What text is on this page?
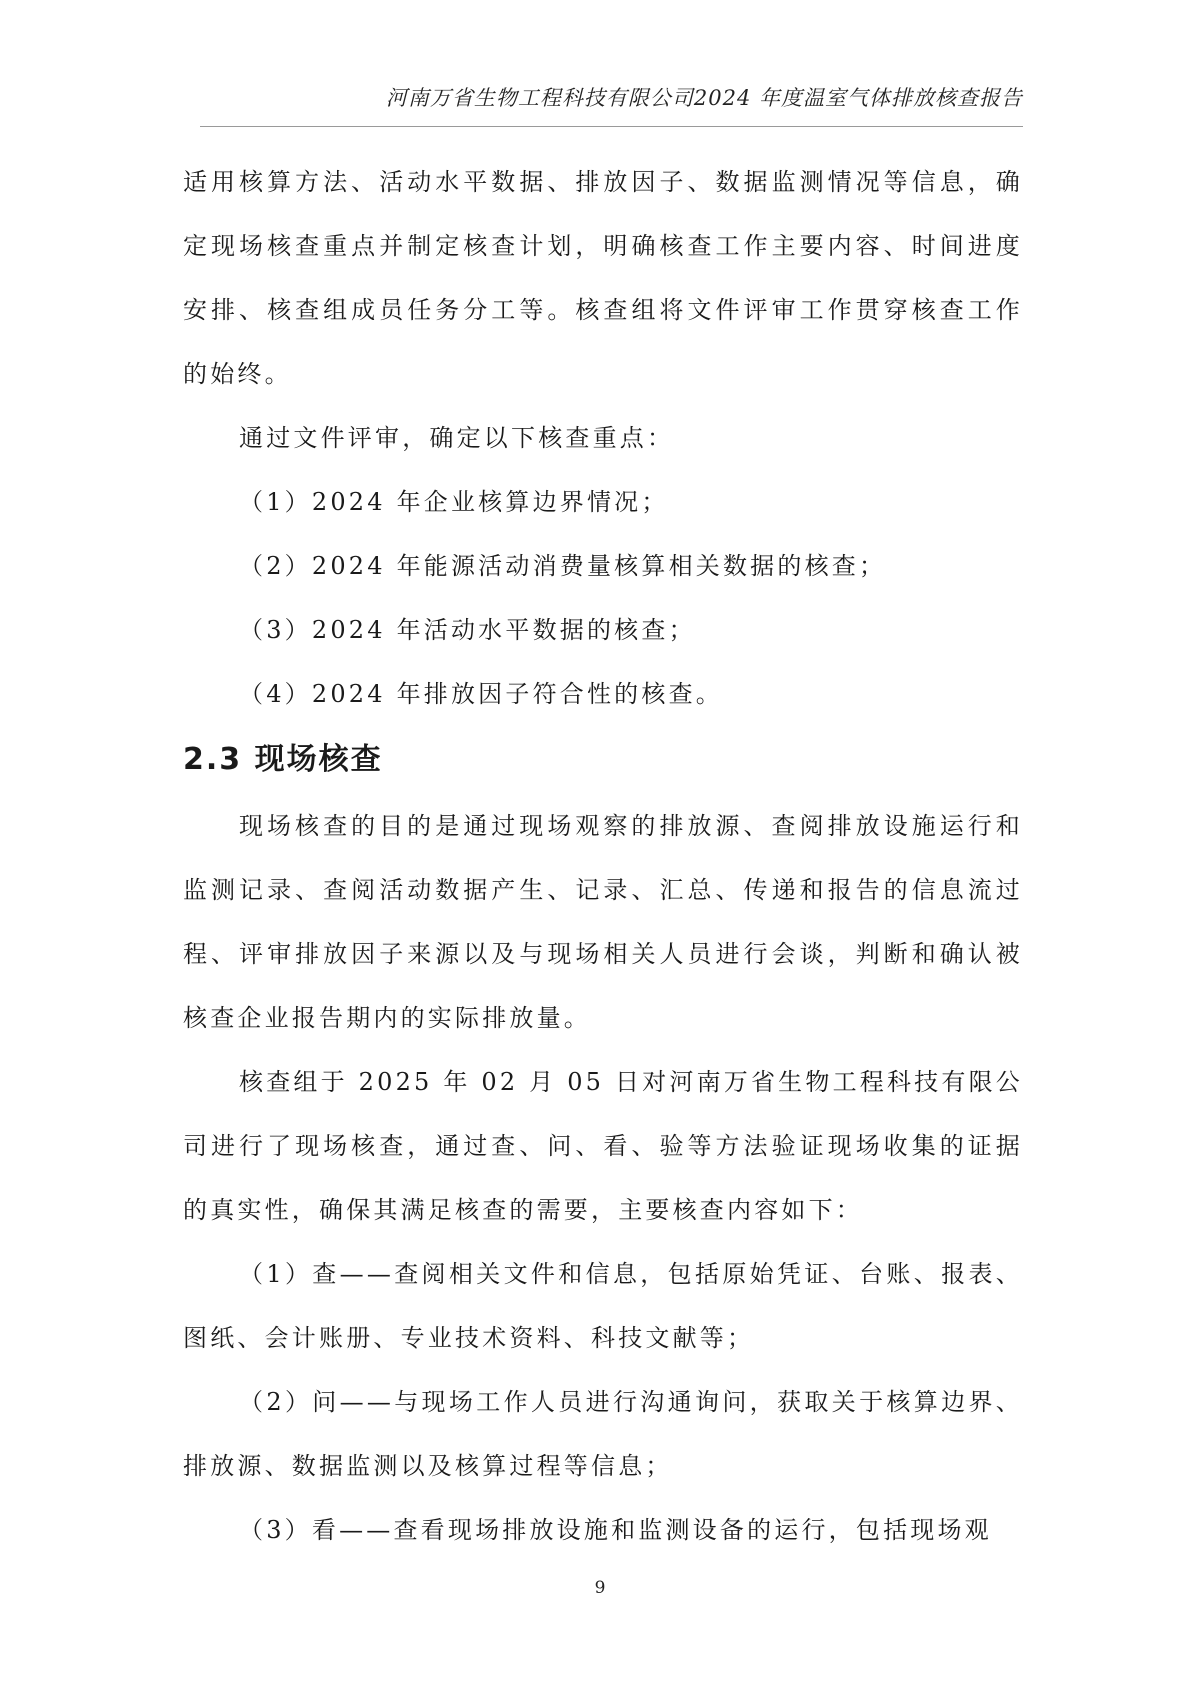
河南万省生物工程科技有限公司2024 年度温室气体排放核查报告

适用核算方法、活动水平数据、排放因子、数据监测情况等信息，确定现场核查重点并制定核查计划，明确核查工作主要内容、时间进度安排、核查组成员任务分工等。核查组将文件评审工作贯穿核查工作的始终。

通过文件评审，确定以下核查重点：

（1）2024 年企业核算边界情况；

（2）2024 年能源活动消费量核算相关数据的核查；

（3）2024 年活动水平数据的核查；

（4）2024 年排放因子符合性的核查。

2.3 现场核查

现场核查的目的是通过现场观察的排放源、查阅排放设施运行和监测记录、查阅活动数据产生、记录、汇总、传递和报告的信息流过程、评审排放因子来源以及与现场相关人员进行会谈，判断和确认被核查企业报告期内的实际排放量。

核查组于 2025 年 02 月 05 日对河南万省生物工程科技有限公司进行了现场核查，通过查、问、看、验等方法验证现场收集的证据的真实性，确保其满足核查的需要，主要核查内容如下：

（1）查——查阅相关文件和信息，包括原始凭证、台账、报表、图纸、会计账册、专业技术资料、科技文献等；

（2）问——与现场工作人员进行沟通询问，获取关于核算边界、排放源、数据监测以及核算过程等信息；

（3）看——查看现场排放设施和监测设备的运行，包括现场观

9
